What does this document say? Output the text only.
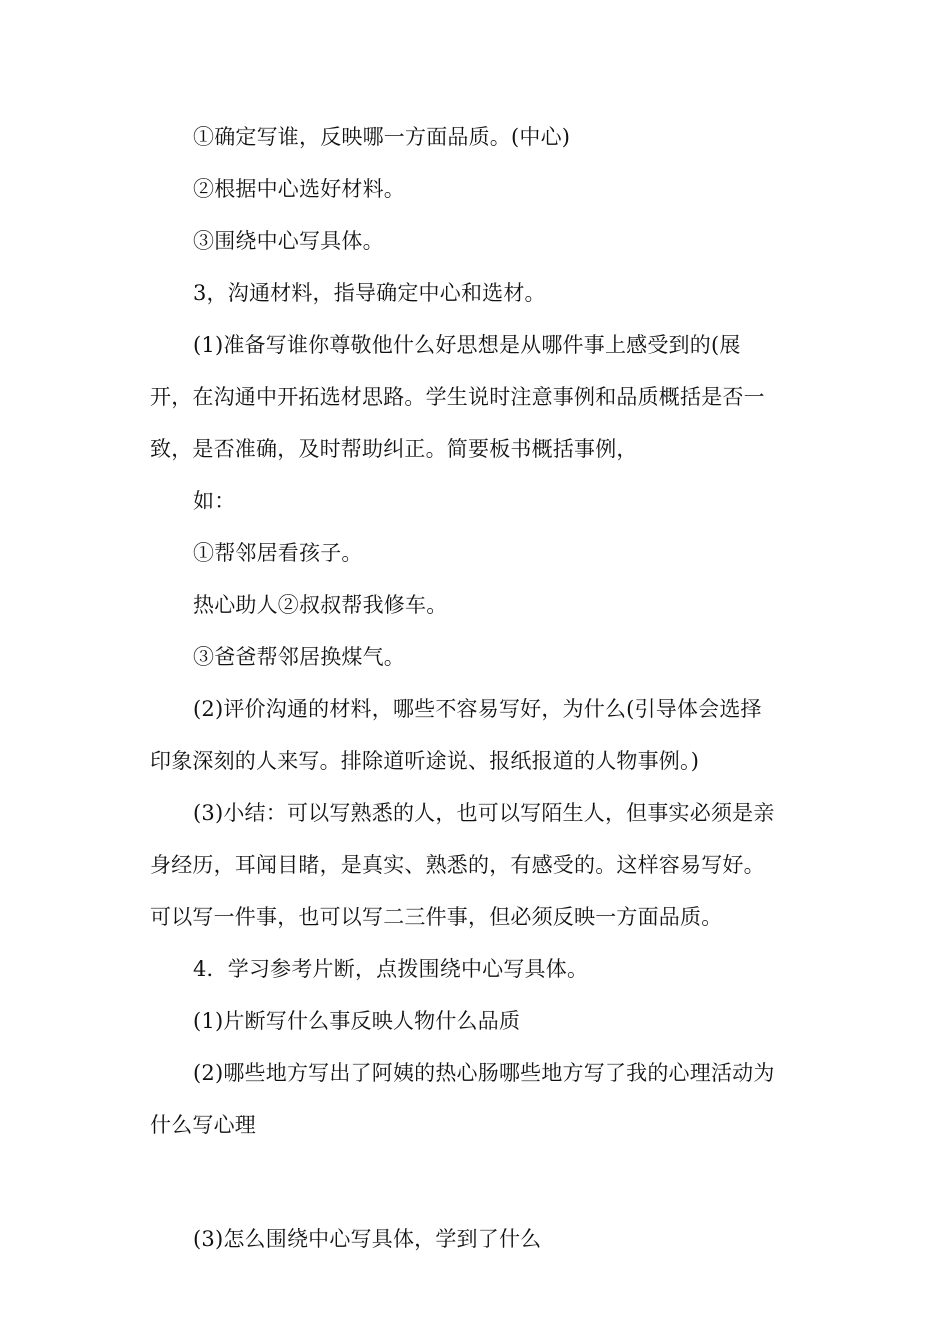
①确定写谁，反映哪一方面品质。(中心)
②根据中心选好材料。
③围绕中心写具体。
3，沟通材料，指导确定中心和选材。
(1)准备写谁你尊敬他什么好思想是从哪件事上感受到的(展
开，在沟通中开拓选材思路。学生说时注意事例和品质概括是否一
致，是否准确，及时帮助纠正。简要板书概括事例，
如：
①帮邻居看孩子。
热心助人②叔叔帮我修车。
③爸爸帮邻居换煤气。
(2)评价沟通的材料，哪些不容易写好，为什么(引导体会选择
印象深刻的人来写。排除道听途说、报纸报道的人物事例。)
(3)小结：可以写熟悉的人，也可以写陌生人，但事实必须是亲
身经历，耳闻目睹，是真实、熟悉的，有感受的。这样容易写好。
可以写一件事，也可以写二三件事，但必须反映一方面品质。
4．学习参考片断，点拨围绕中心写具体。
(1)片断写什么事反映人物什么品质
(2)哪些地方写出了阿姨的热心肠哪些地方写了我的心理活动为
什么写心理
(3)怎么围绕中心写具体，学到了什么
